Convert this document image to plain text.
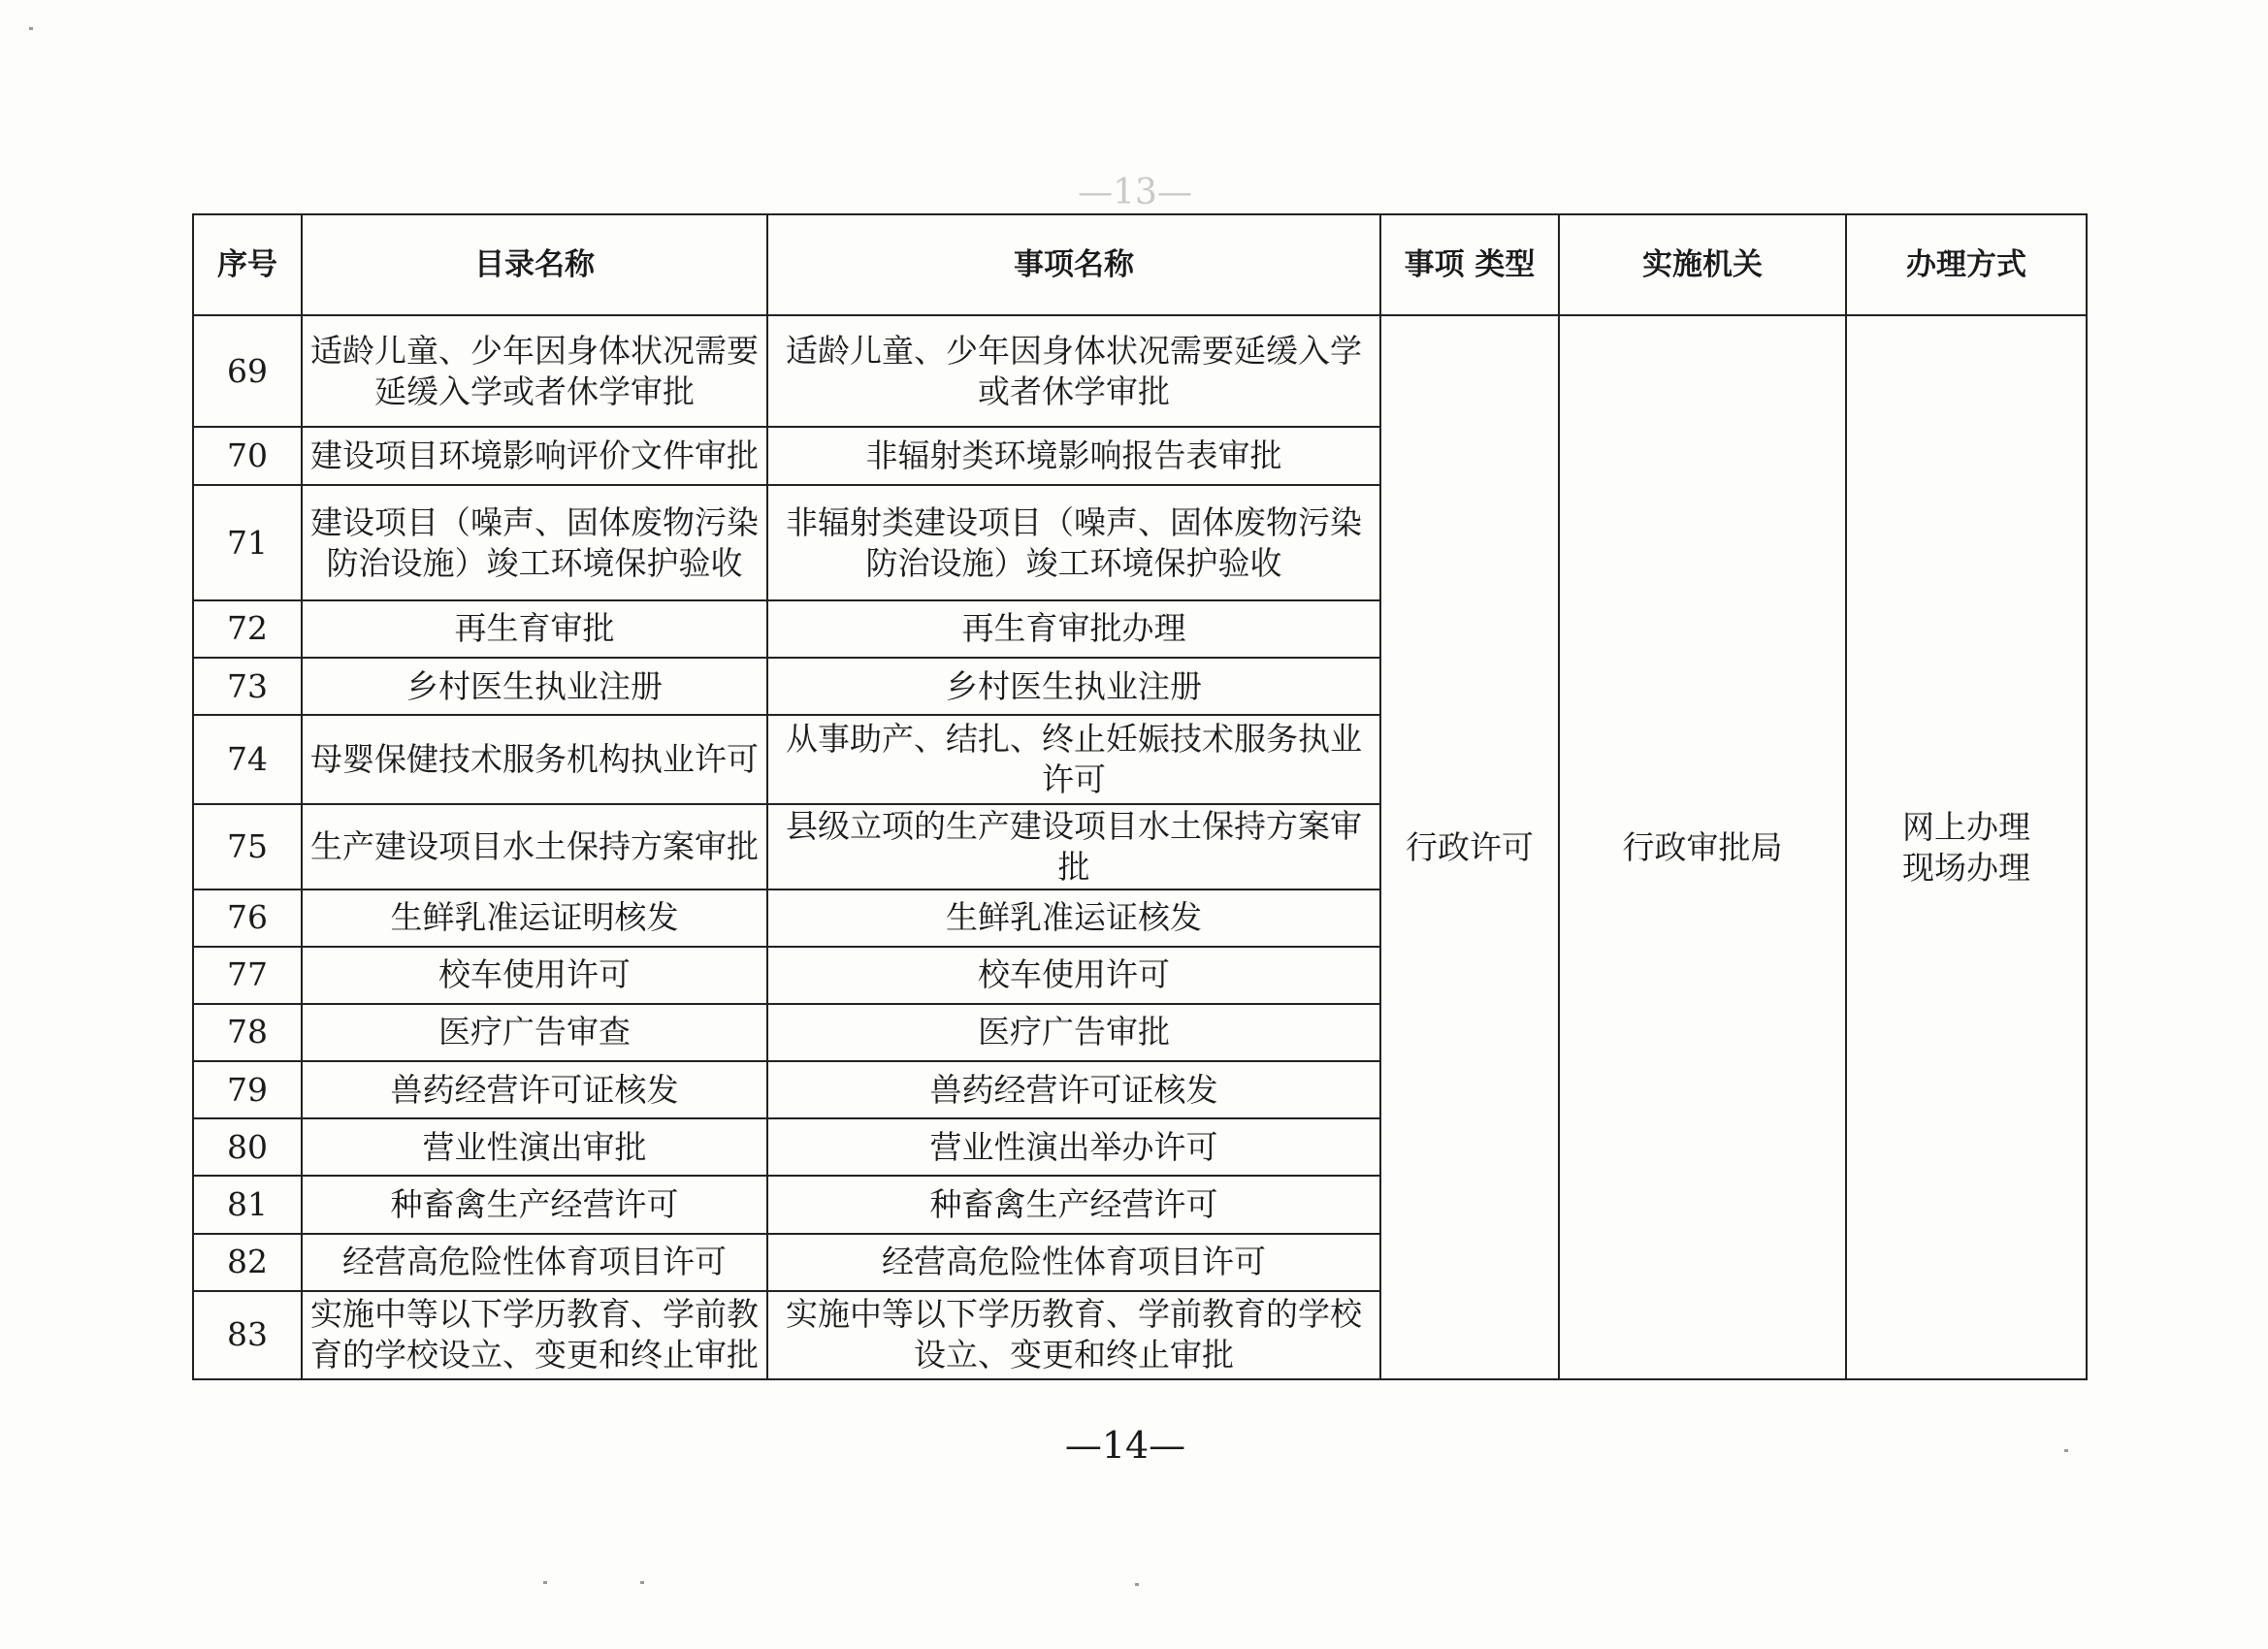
—13—
序号	目录名称	事项名称	事项 类型	实施机关	办理方式
69	适龄儿童、少年因身体状况需要延缓入学或者休学审批	适龄儿童、少年因身体状况需要延缓入学或者休学审批	行政许可	行政审批局	网上办理
现场办理

70	建设项目环境影响评价文件审批	非辐射类环境影响报告表审批			
71	建设项目（噪声、固体废物污染防治设施）竣工环境保护验收	非辐射类建设项目（噪声、固体废物污染防治设施）竣工环境保护验收			
72	再生育审批	再生育审批办理			
73	乡村医生执业注册	乡村医生执业注册			
74	母婴保健技术服务机构执业许可	从事助产、结扎、终止妊娠技术服务执业许可			
75	生产建设项目水土保持方案审批	县级立项的生产建设项目水土保持方案审批			
76	生鲜乳准运证明核发	生鲜乳准运证核发			
77	校车使用许可	校车使用许可			
78	医疗广告审查	医疗广告审批			
79	兽药经营许可证核发	兽药经营许可证核发			
80	营业性演出审批	营业性演出举办许可			
81	种畜禽生产经营许可	种畜禽生产经营许可			
82	经营高危险性体育项目许可	经营高危险性体育项目许可			
83	实施中等以下学历教育、学前教育的学校设立、变更和终止审批	实施中等以下学历教育、学前教育的学校设立、变更和终止审批			
—14—
